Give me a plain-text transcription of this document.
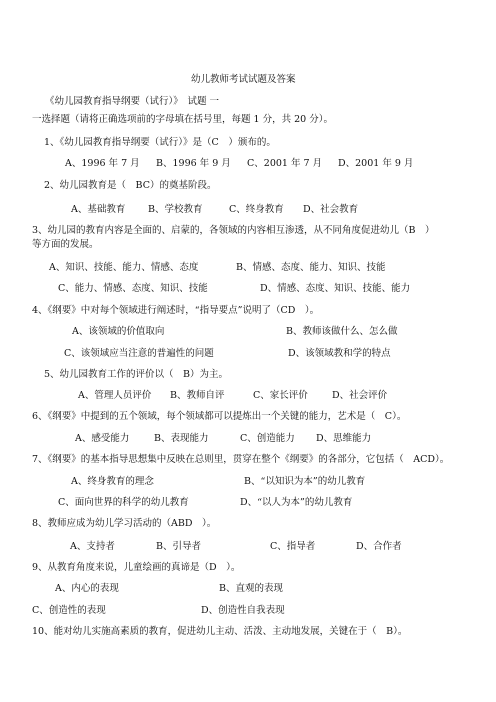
幼儿教师考试试题及答案
《幼儿园教育指导纲要（试行）》　试题 一
一选择题（请将正确选项前的字母填在括号里，每题 1 分，共 20 分）。
1、《幼儿园教育指导纲要（试行）》是（C　）颁布的。
A、1996 年 7 月 B、1996 年 9 月 C、2001 年 7 月 D、2001 年 9 月
2、幼儿园教育是（　BC）的奠基阶段。
A、基础教育 B、学校教育	C、终身教育 D、社会教育
3、幼儿园的教育内容是全面的、启蒙的，各领域的内容相互渗透，从不同角度促进幼儿（B　）
等方面的发展。
A、知识、技能、能力、情感、态度	B、情感、态度、能力、知识、技能
C、能力、情感、态度、知识、技能	D、情感、态度、知识、技能、能力
4、《纲要》中对每个领域进行阐述时，“指导要点”说明了（CD　）。
A、该领域的价值取向	B、教师该做什么、怎么做
C、该领域应当注意的普遍性的问题	D、该领域教和学的特点
5、幼儿园教育工作的评价以（　B）为主。
A、管理人员评价 B、教师自评	C、家长评价	D、社会评价
6、《纲要》中提到的五个领域，每个领域都可以提炼出一个关键的能力，艺术是（　C）。
A、感受能力	B、表现能力	C、创造能力 D、思维能力
7、《纲要》的基本指导思想集中反映在总则里，贯穿在整个《纲要》的各部分，它包括（　ACD）。
A、终身教育的理念	B、“以知识为本”的幼儿教育
C、面向世界的科学的幼儿教育	D、“以人为本”的幼儿教育
8、教师应成为幼儿学习活动的（ABD　）。
A、支持者	B、引导者	C、指导者	D、合作者
9、从教育角度来说，儿童绘画的真谛是（D　）。
A、内心的表现	B、直观的表现
C、创造性的表现	D、创造性自我表现
10、能对幼儿实施高素质的教育，促进幼儿主动、活泼、主动地发展，关键在于（　B）。
